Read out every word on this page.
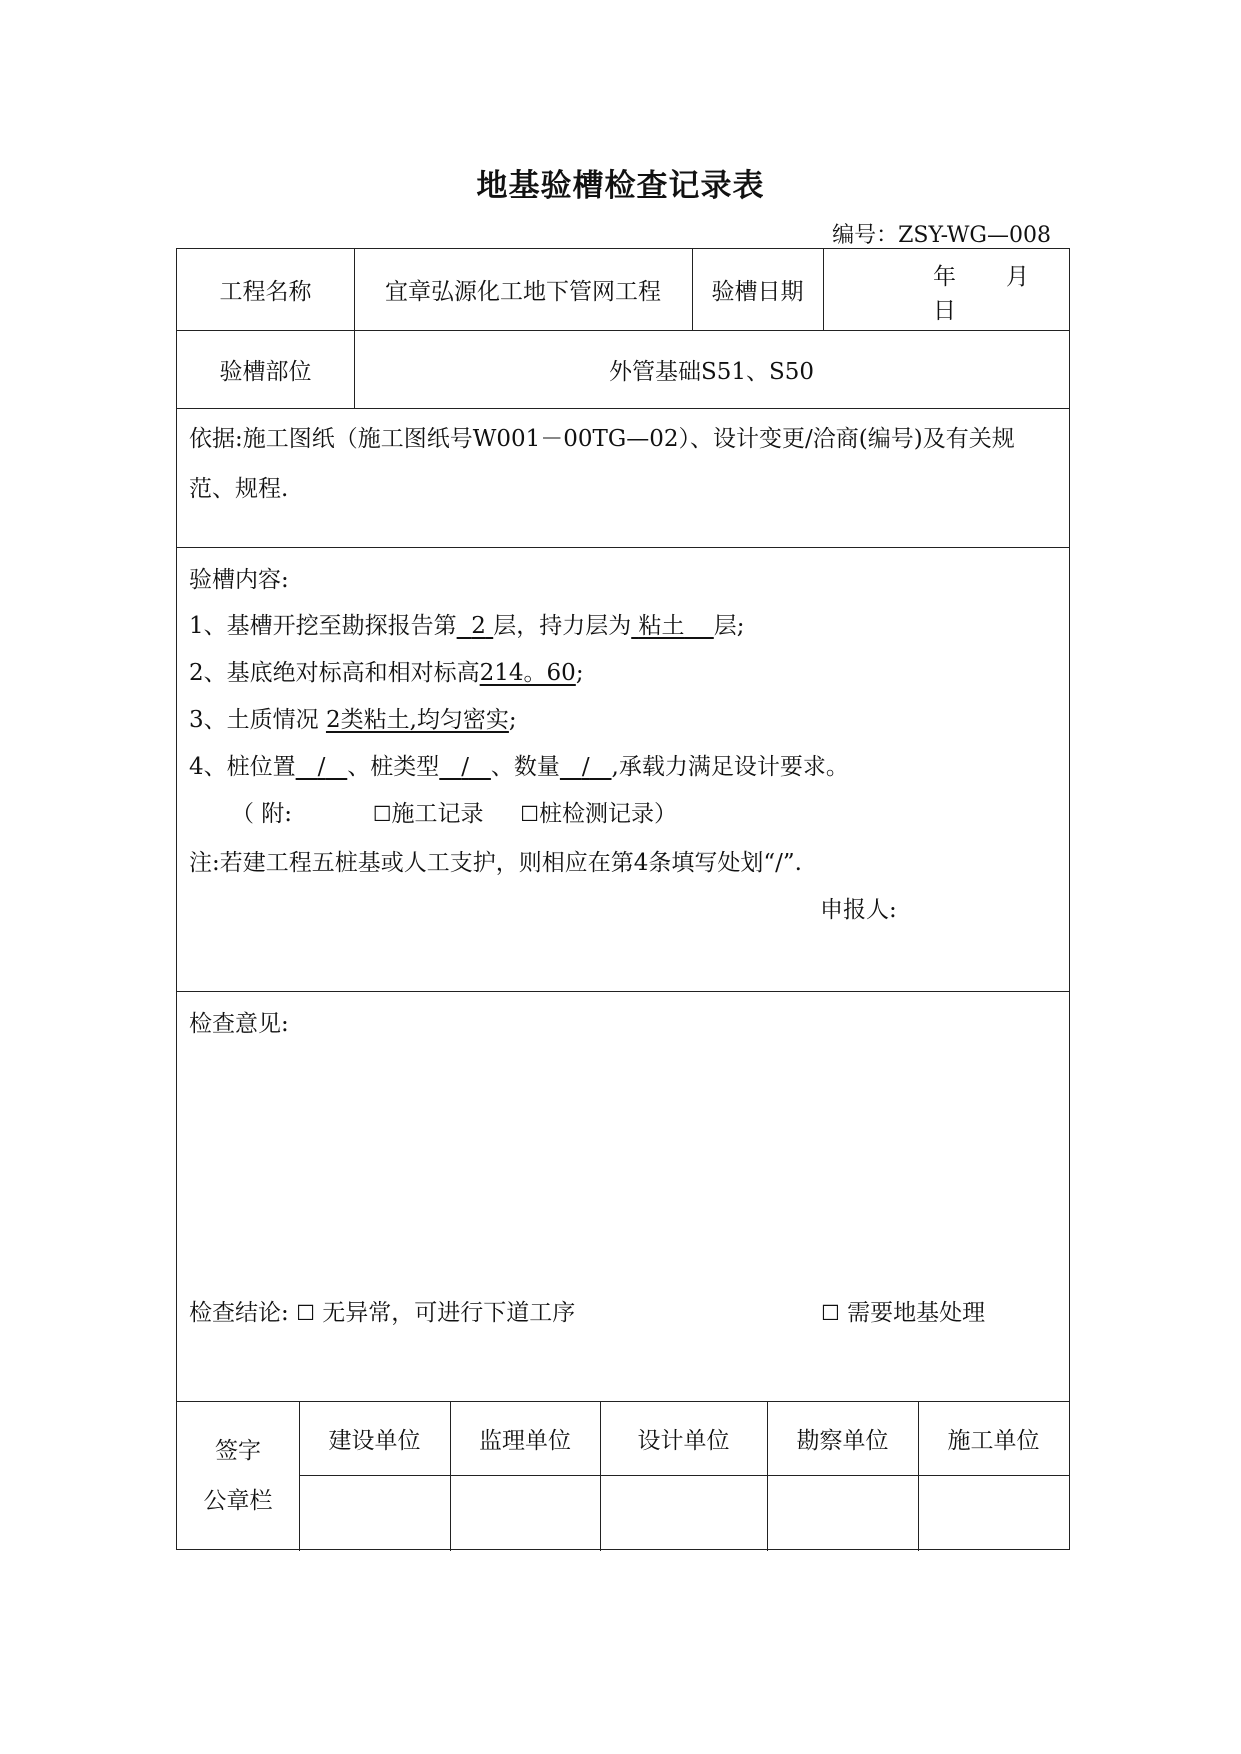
地基验槽检查记录表
编号：ZSY-WG—008
工程名称	宜章弘源化工地下管网工程	验槽日期
年 月
日
验槽部位	外管基础S51、S50
依据:施工图纸（施工图纸号W001－00TG—02）、设计变更/洽商(编号)及有关规范、规程.
验槽内容:
1、基槽开挖至勘探报告第 2 层，持力层为 粘土 层;
2、基底绝对标高和相对标高214。60;
3、土质情况 2类粘土,均匀密实;
4、桩位置 / 、桩类型 / 、数量 / ,承载力满足设计要求。
（ 附:	☐施工记录 ☐桩检测记录）
注:若建工程五桩基或人工支护，则相应在第4条填写处划“/”.
申报人:
检查意见:
检查结论: ☐ 无异常，可进行下道工序	☐ 需要地基处理
签字
公章栏
建设单位	监理单位	设计单位	勘察单位	施工单位
